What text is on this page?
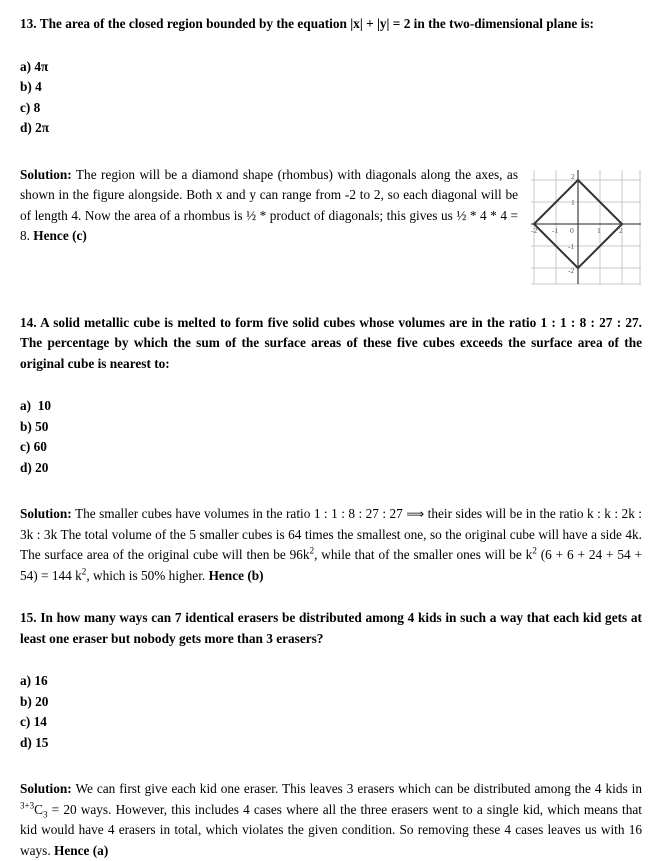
13. The area of the closed region bounded by the equation |x| + |y| = 2 in the two-dimensional plane is:

a) 4π
b) 4
c) 8
d) 2π
-2 -1 0	1 2
2
1
-1
-2

Solution: The region will be a diamond shape (rhombus) with diagonals along the axes, as shown in the figure alongside. Both x and y can range from -2 to 2, so each diagonal will be of length 4. Now the area of a rhombus is ½ * product of diagonals; this gives us ½ * 4 * 4 = 8. Hence (c)

14. A solid metallic cube is melted to form five solid cubes whose volumes are in the ratio 1 : 1 : 8 : 27 : 27. The percentage by which the sum of the surface areas of these five cubes exceeds the surface area of the original cube is nearest to:

a)  10
b) 50
c) 60
d) 20

Solution: The smaller cubes have volumes in the ratio 1 : 1 : 8 : 27 : 27 ⟹ their sides will be in the ratio k : k : 2k : 3k : 3k The total volume of the 5 smaller cubes is 64 times the smallest one, so the original cube will have a side 4k. The surface area of the original cube will then be $96k^2$, while that of the smaller ones will be $k^2$ (6 + 6 + 24 + 54 + 54) = 144 $k^2$, which is 50% higher. Hence (b)

15. In how many ways can 7 identical erasers be distributed among 4 kids in such a way that each kid gets at least one eraser but nobody gets more than 3 erasers?

a) 16
b) 20
c) 14
d) 15

Solution: We can first give each kid one eraser. This leaves 3 erasers which can be distributed among the 4 kids in $^{3+3}C_3 = 20$ ways. However, this includes 4 cases where all the three erasers went to a single kid, which means that kid would have 4 erasers in total, which violates the given condition. So removing these 4 cases leaves us with 16 ways. Hence (a)
